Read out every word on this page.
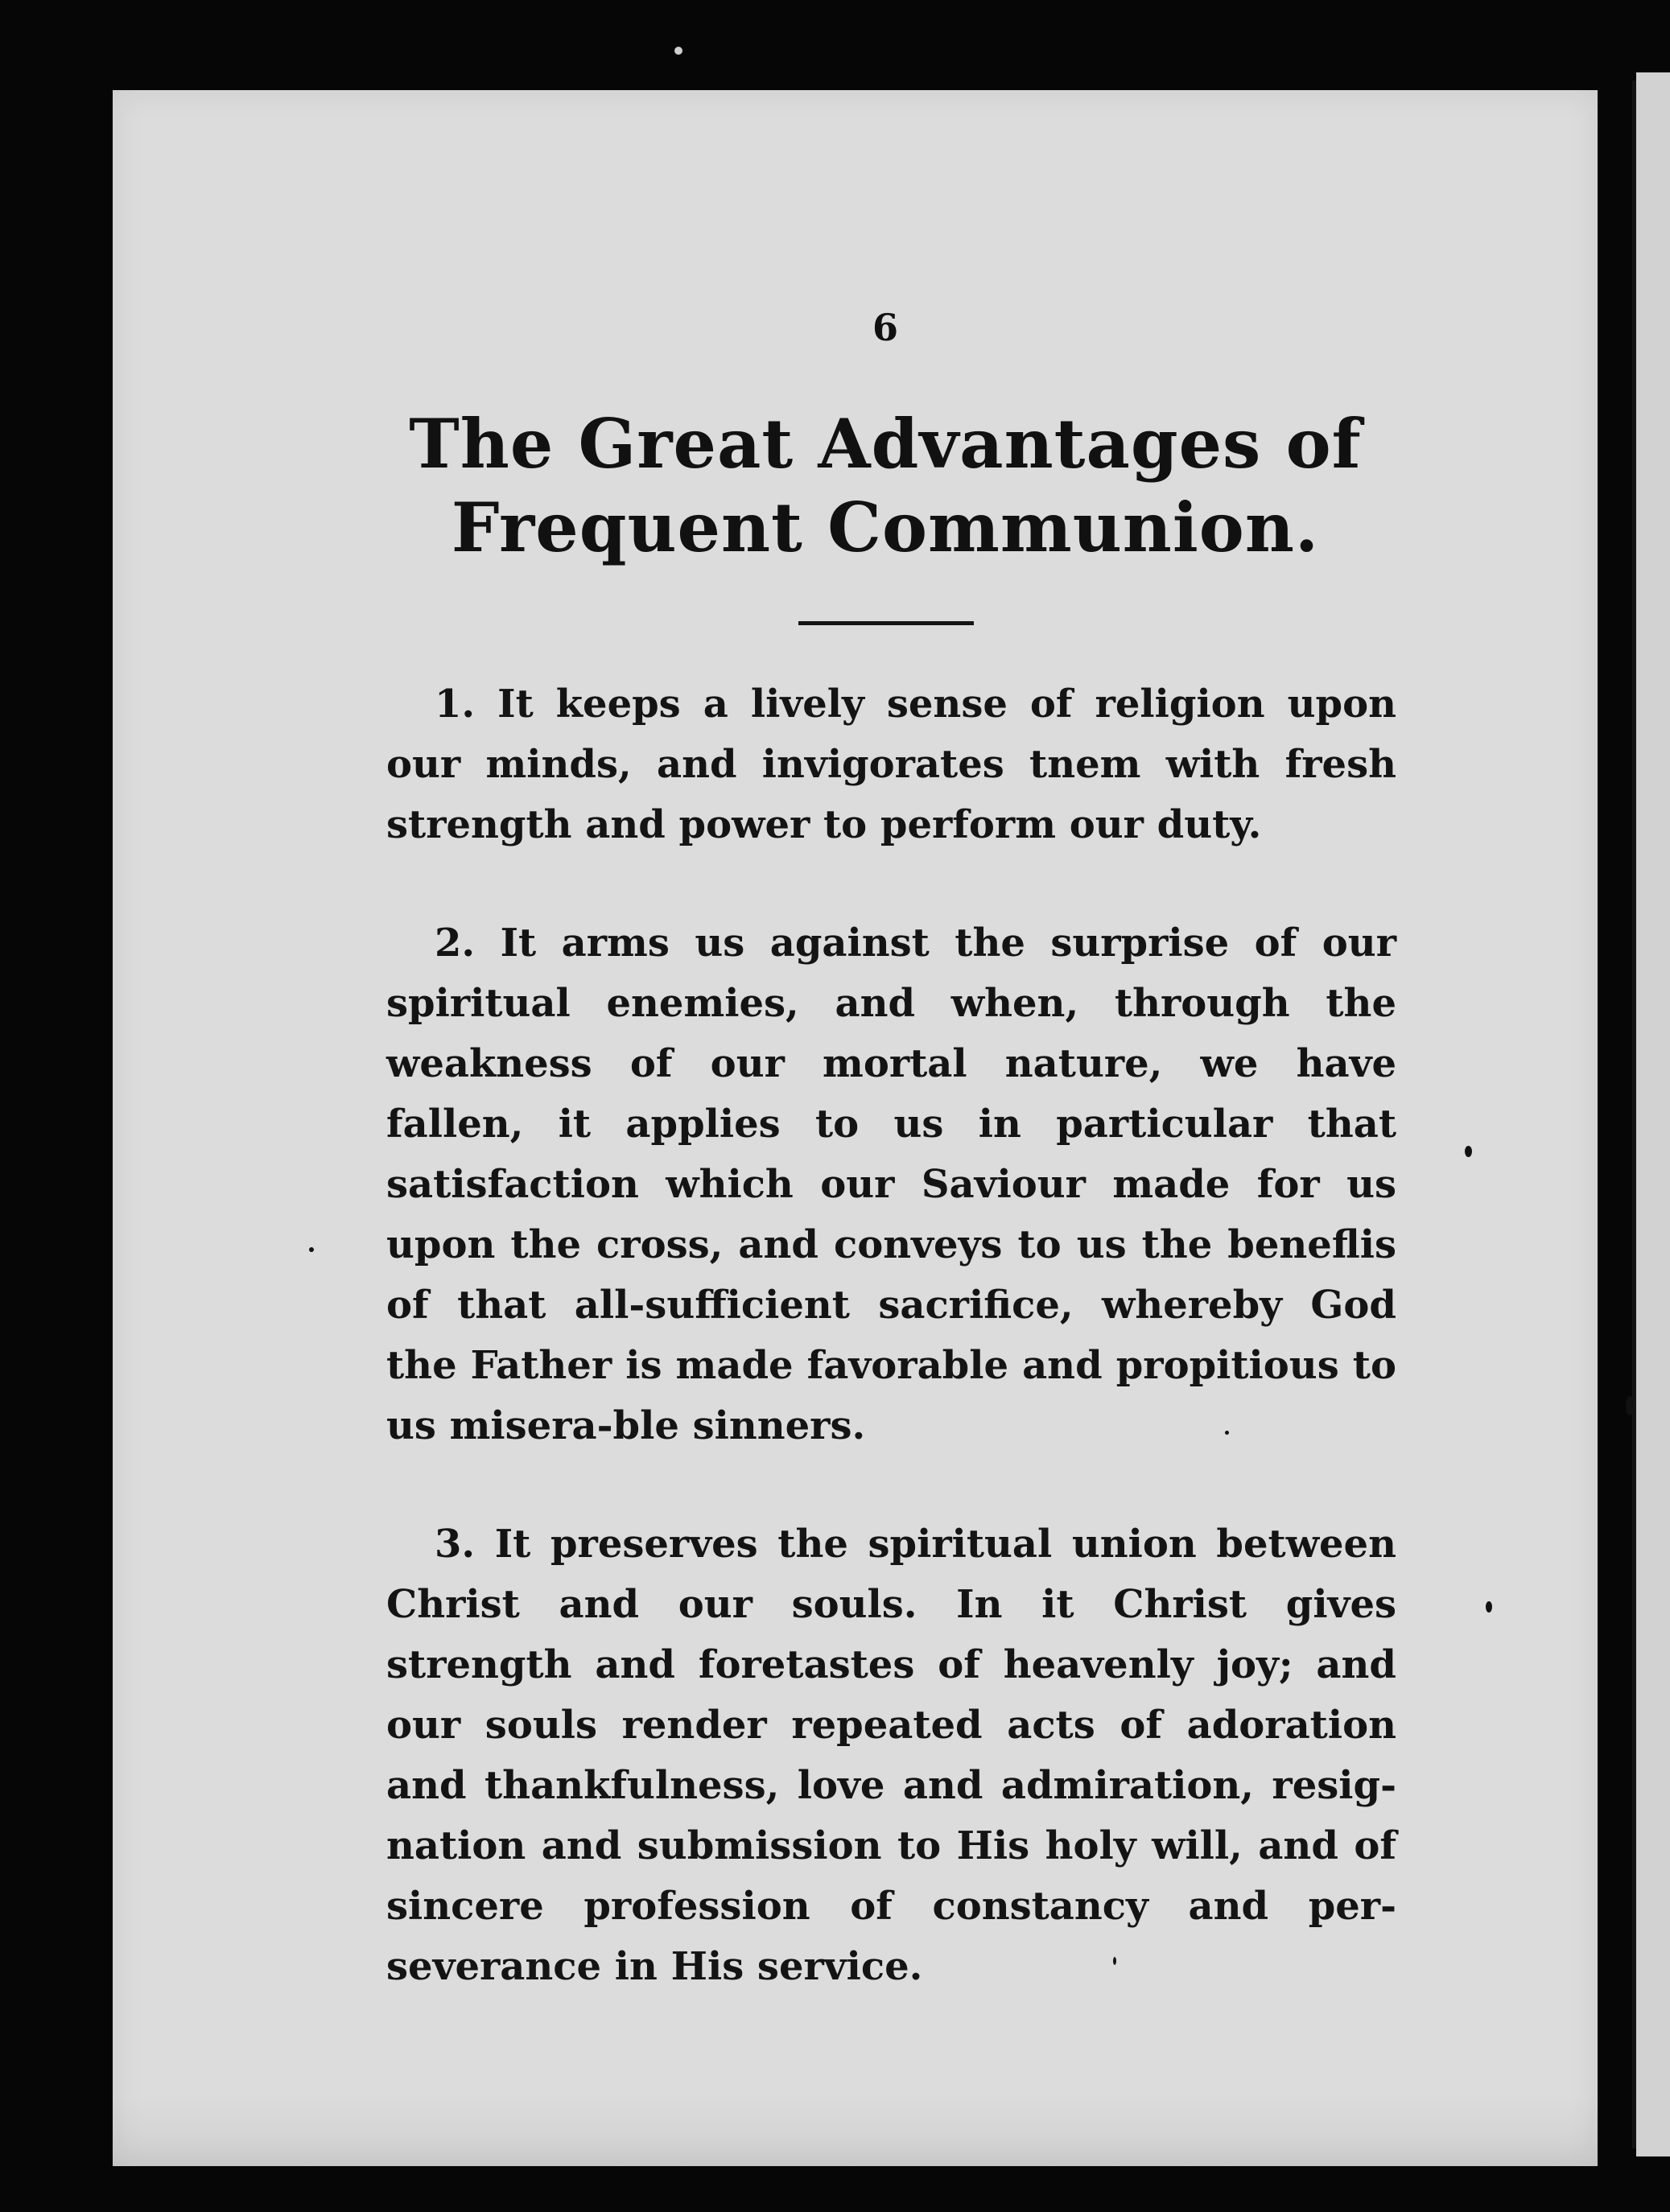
6
The Great Advantages of
Frequent Communion.

1. It keeps a lively sense of religion upon our minds, and invigorates tnem with fresh strength and power to perform our duty.

2. It arms us against the surprise of our spiritual enemies, and when, through the weakness of our mortal nature, we have fallen, it applies to us in particular that satisfaction which our Saviour made for us upon the cross, and conveys to us the beneflis of that all-sufficient sacrifice, whereby God the Father is made favorable and propitious to us misera-ble sinners.

3. It preserves the spiritual union between Christ and our souls. In it Christ gives strength and foretastes of heavenly joy; and our souls render repeated acts of adoration and thankfulness, love and admiration, resig-nation and submission to His holy will, and of sincere profession of constancy and per-severance in His service.
